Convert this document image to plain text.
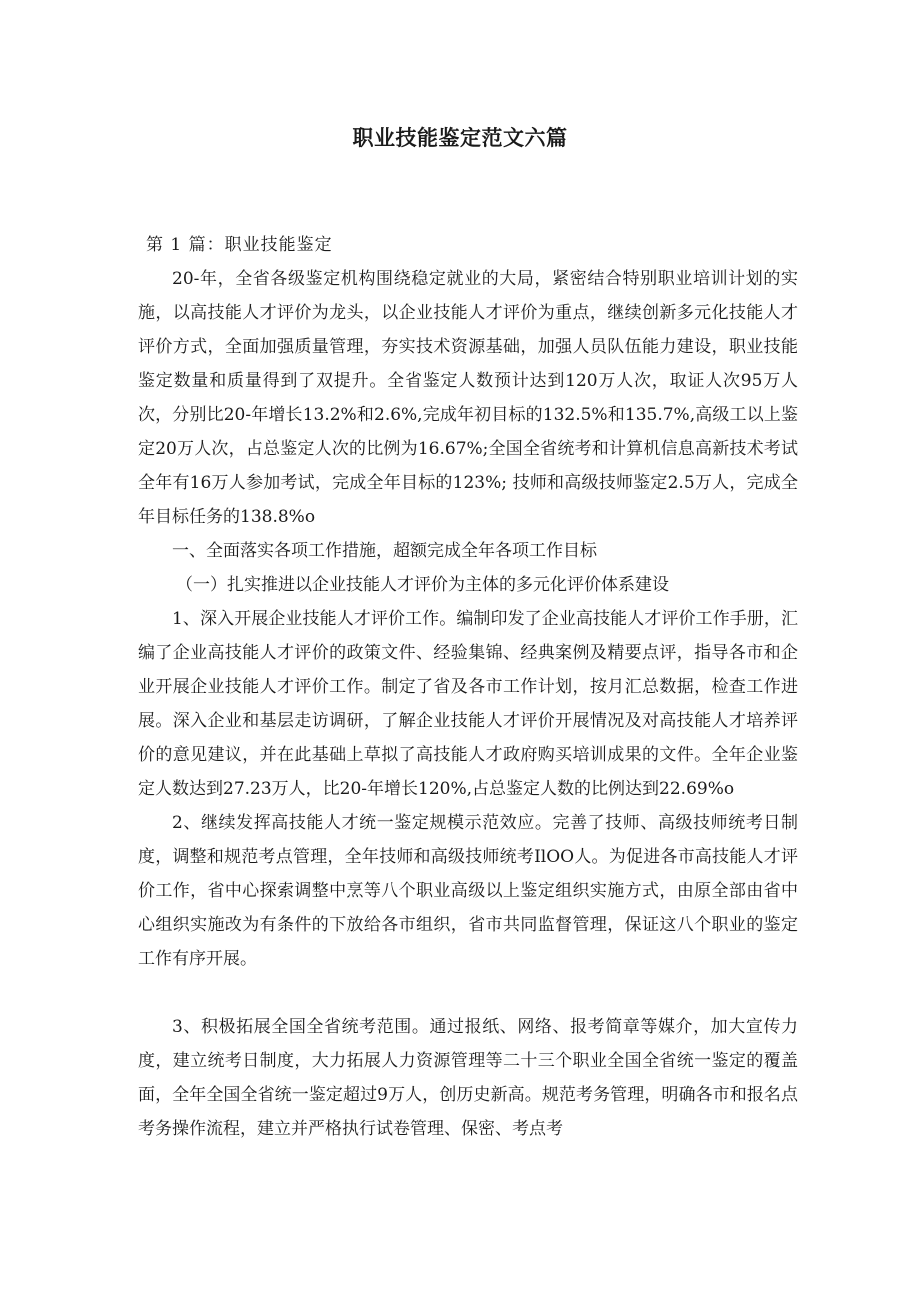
职业技能鉴定范文六篇

第 1 篇：职业技能鉴定

20-年，全省各级鉴定机构围绕稳定就业的大局，紧密结合特别职业培训计划的实施，以高技能人才评价为龙头，以企业技能人才评价为重点，继续创新多元化技能人才评价方式，全面加强质量管理，夯实技术资源基础，加强人员队伍能力建设，职业技能鉴定数量和质量得到了双提升。全省鉴定人数预计达到120万人次，取证人次95万人次，分别比20-年增长13.2%和2.6%,完成年初目标的132.5%和135.7%,高级工以上鉴定20万人次，占总鉴定人次的比例为16.67%;全国全省统考和计算机信息高新技术考试全年有16万人参加考试，完成全年目标的123%; 技师和高级技师鉴定2.5万人，完成全年目标任务的138.8%o

一、全面落实各项工作措施，超额完成全年各项工作目标

（一）扎实推进以企业技能人才评价为主体的多元化评价体系建设

1、深入开展企业技能人才评价工作。编制印发了企业高技能人才评价工作手册，汇编了企业高技能人才评价的政策文件、经验集锦、经典案例及精要点评，指导各市和企业开展企业技能人才评价工作。制定了省及各市工作计划，按月汇总数据，检查工作进展。深入企业和基层走访调研，了解企业技能人才评价开展情况及对高技能人才培养评价的意见建议，并在此基础上草拟了高技能人才政府购买培训成果的文件。全年企业鉴定人数达到27.23万人，比20-年增长120%,占总鉴定人数的比例达到22.69%o

2、继续发挥高技能人才统一鉴定规模示范效应。完善了技师、高级技师统考日制度，调整和规范考点管理，全年技师和高级技师统考IlOO人。为促进各市高技能人才评价工作，省中心探索调整中烹等八个职业高级以上鉴定组织实施方式，由原全部由省中心组织实施改为有条件的下放给各市组织，省市共同监督管理，保证这八个职业的鉴定工作有序开展。

3、积极拓展全国全省统考范围。通过报纸、网络、报考简章等媒介，加大宣传力度，建立统考日制度，大力拓展人力资源管理等二十三个职业全国全省统一鉴定的覆盖面，全年全国全省统一鉴定超过9万人，创历史新高。规范考务管理，明确各市和报名点考务操作流程，建立并严格执行试卷管理、保密、考点考
